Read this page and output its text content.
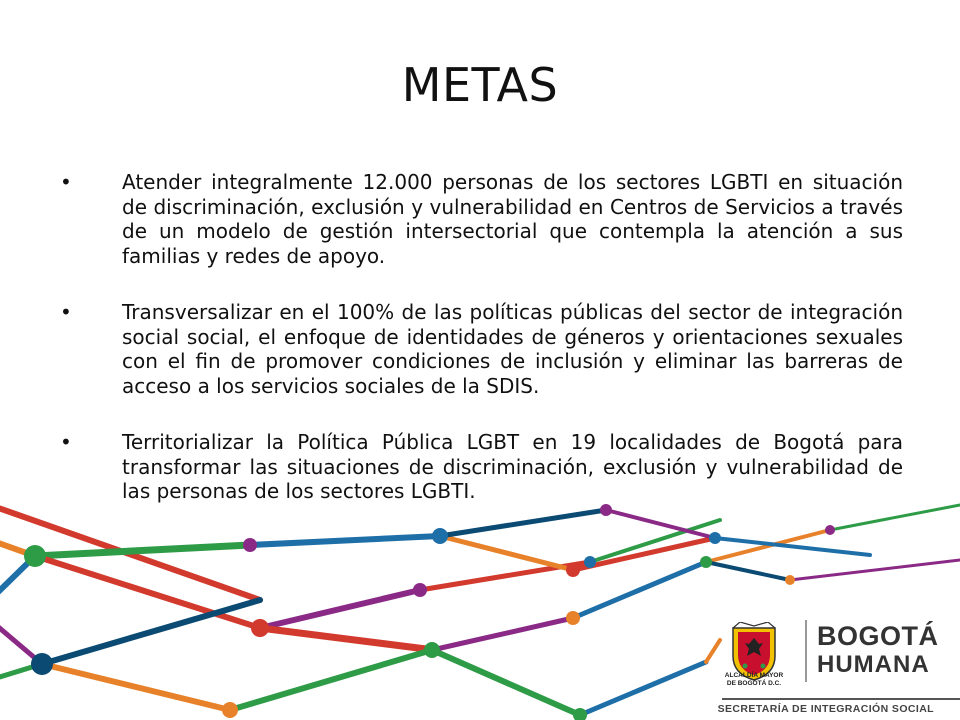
METAS
•	Atender integralmente 12.000 personas de los sectores LGBTI en situación de discriminación, exclusión y vulnerabilidad en Centros de Servicios a través de un modelo de gestión intersectorial que contempla la atención a sus familias y redes de apoyo.
•	Transversalizar en el 100% de las políticas públicas del sector de integración social social, el enfoque de identidades de géneros y orientaciones sexuales con el fin de promover condiciones de inclusión y eliminar las barreras de acceso a los servicios sociales de la SDIS.
•	Territorializar la Política Pública LGBT en 19 localidades de Bogotá para transformar las situaciones de discriminación, exclusión y vulnerabilidad de las personas de los sectores LGBTI.
ALCALDÍA MAYOR
DE BOGOTÁ D.C.
BOGOTÁ
HUMANA
SECRETARÍA DE INTEGRACIÓN SOCIAL
